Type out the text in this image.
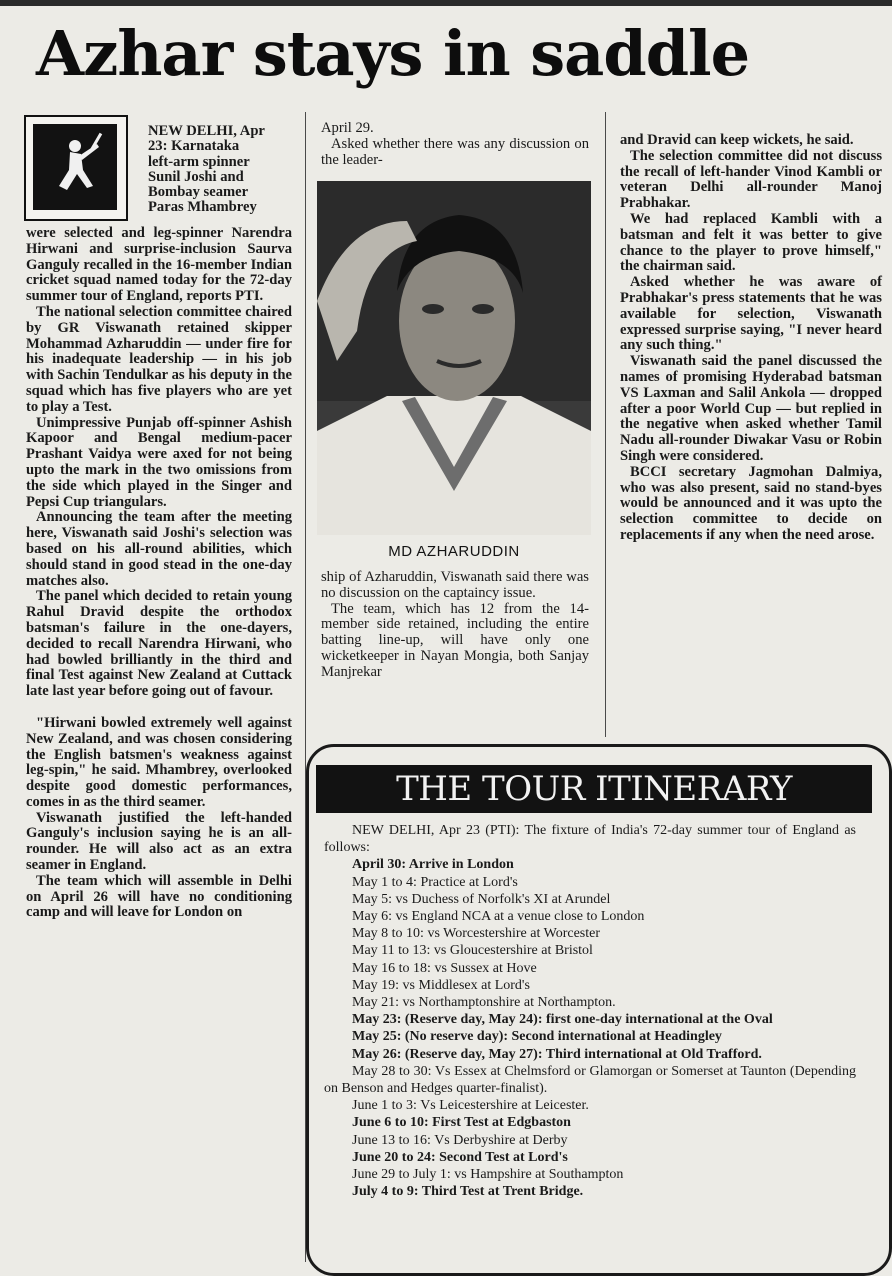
Azhar stays in saddle
NEW DELHI, Apr
23: Karnataka
left-arm spinner
Sunil Joshi and
Bombay seamer
Paras Mhambrey

were selected and leg-spinner Narendra Hirwani and surprise-inclusion Saurva Ganguly recalled in the 16-member Indian cricket squad named today for the 72-day summer tour of England, reports PTI.

The national selection committee chaired by GR Viswanath retained skipper Mohammad Azharuddin — under fire for his inadequate leadership — in his job with Sachin Tendulkar as his deputy in the squad which has five players who are yet to play a Test.

Unimpressive Punjab off-spinner Ashish Kapoor and Bengal medium-pacer Prashant Vaidya were axed for not being upto the mark in the two omissions from the side which played in the Singer and Pepsi Cup triangulars.

Announcing the team after the meeting here, Viswanath said Joshi's selection was based on his all-round abilities, which should stand in good stead in the one-day matches also.

The panel which decided to retain young Rahul Dravid despite the orthodox batsman's failure in the one-dayers, decided to recall Narendra Hirwani, who had bowled brilliantly in the third and final Test against New Zealand at Cuttack late last year before going out of favour.

"Hirwani bowled extremely well against New Zealand, and was chosen considering the English batsmen's weakness against leg-spin," he said. Mhambrey, overlooked despite good domestic performances, comes in as the third seamer.

Viswanath justified the left-handed Ganguly's inclusion saying he is an all-rounder. He will also act as an extra seamer in England.

The team which will assemble in Delhi on April 26 will have no conditioning camp and will leave for London on

April 29.

Asked whether there was any discussion on the leader-

MD AZHARUDDIN

ship of Azharuddin, Viswanath said there was no discussion on the captaincy issue.

The team, which has 12 from the 14-member side retained, including the entire batting line-up, will have only one wicketkeeper in Nayan Mongia, both Sanjay Manjrekar

and Dravid can keep wickets, he said.

The selection committee did not discuss the recall of left-hander Vinod Kambli or veteran Delhi all-rounder Manoj Prabhakar.

We had replaced Kambli with a batsman and felt it was better to give chance to the player to prove himself," the chairman said.

Asked whether he was aware of Prabhakar's press statements that he was available for selection, Viswanath expressed surprise saying, "I never heard any such thing."

Viswanath said the panel discussed the names of promising Hyderabad batsman VS Laxman and Salil Ankola — dropped after a poor World Cup — but replied in the negative when asked whether Tamil Nadu all-rounder Diwakar Vasu or Robin Singh were considered.

BCCI secretary Jagmohan Dalmiya, who was also present, said no stand-byes would be announced and it was upto the selection committee to decide on replacements if any when the need arose.

THE TOUR ITINERARY
NEW DELHI, Apr 23 (PTI): The fixture of India's 72-day summer tour of England as follows:
April 30: Arrive in London
May 1 to 4: Practice at Lord's
May 5: vs Duchess of Norfolk's XI at Arundel
May 6: vs England NCA at a venue close to London
May 8 to 10: vs Worcestershire at Worcester
May 11 to 13: vs Gloucestershire at Bristol
May 16 to 18: vs Sussex at Hove
May 19: vs Middlesex at Lord's
May 21: vs Northamptonshire at Northampton.
May 23: (Reserve day, May 24): first one-day international at the Oval
May 25: (No reserve day): Second international at Headingley
May 26: (Reserve day, May 27): Third international at Old Trafford.
May 28 to 30: Vs Essex at Chelmsford or Glamorgan or Somerset at Taunton (Depending on Benson and Hedges quarter-finalist).
June 1 to 3: Vs Leicestershire at Leicester.
June 6 to 10: First Test at Edgbaston
June 13 to 16: Vs Derbyshire at Derby
June 20 to 24: Second Test at Lord's
June 29 to July 1: vs Hampshire at Southampton
July 4 to 9: Third Test at Trent Bridge.
